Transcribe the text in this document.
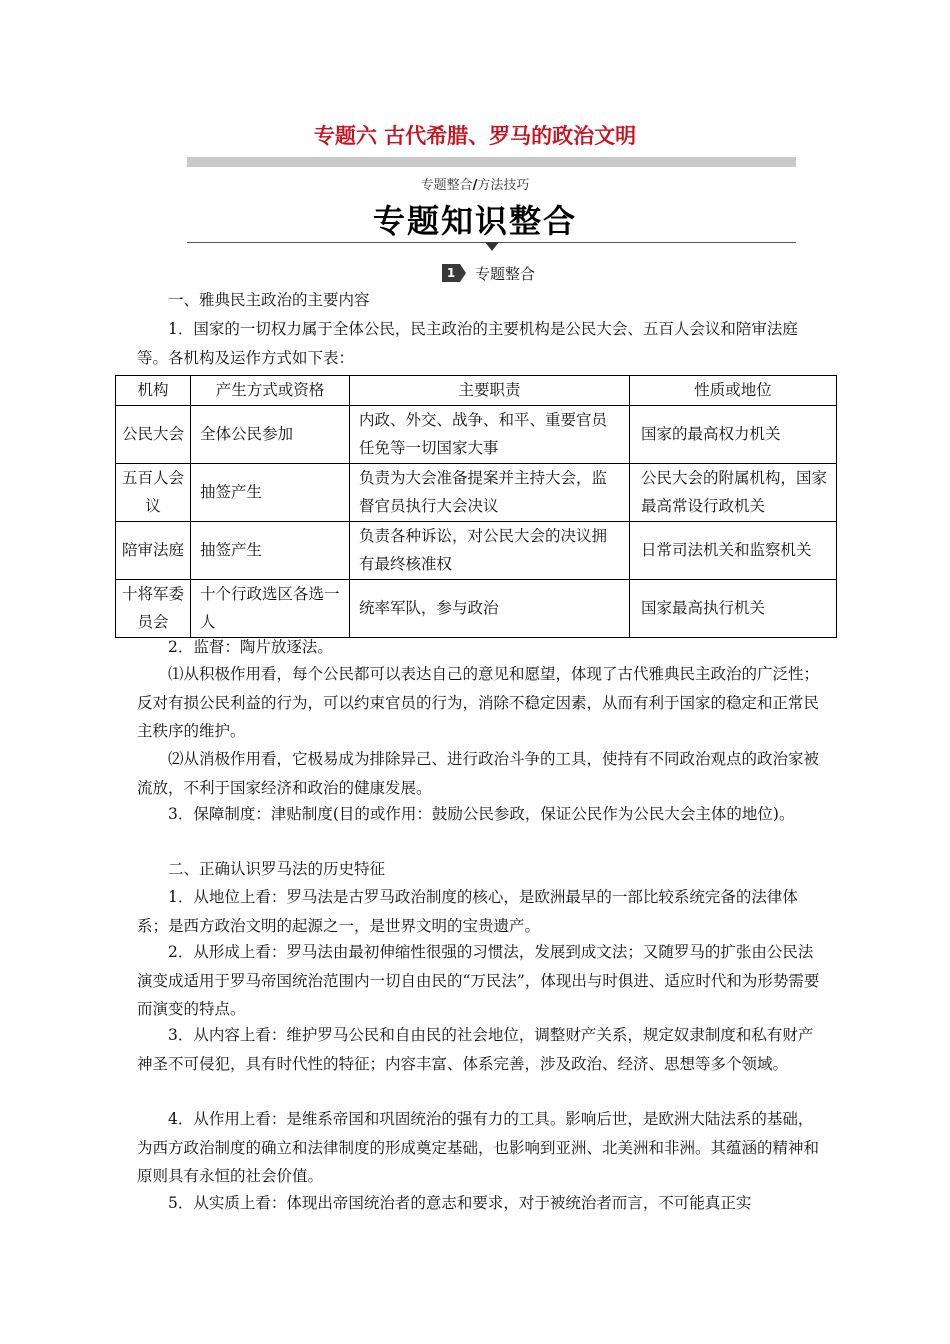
专题六 古代希腊、罗马的政治文明
专题整合/方法技巧
专题知识整合
1	专题整合

一、雅典民主政治的主要内容

1．国家的一切权力属于全体公民，民主政治的主要机构是公民大会、五百人会议和陪审法庭等。各机构及运作方式如下表：

机构	产生方式或资格	主要职责	性质或地位
公民大会	全体公民参加	内政、外交、战争、和平、重要官员任免等一切国家大事	国家的最高权力机关
五百人会议	抽签产生	负责为大会准备提案并主持大会，监督官员执行大会决议	公民大会的附属机构，国家最高常设行政机关
陪审法庭	抽签产生	负责各种诉讼，对公民大会的决议拥有最终核准权	日常司法机关和监察机关
十将军委员会	十个行政选区各选一人	统率军队，参与政治	国家最高执行机关

2．监督：陶片放逐法。

⑴从积极作用看，每个公民都可以表达自己的意见和愿望，体现了古代雅典民主政治的广泛性；反对有损公民利益的行为，可以约束官员的行为，消除不稳定因素，从而有利于国家的稳定和正常民主秩序的维护。

⑵从消极作用看，它极易成为排除异己、进行政治斗争的工具，使持有不同政治观点的政治家被流放，不利于国家经济和政治的健康发展。

3．保障制度：津贴制度(目的或作用：鼓励公民参政，保证公民作为公民大会主体的地位)。

二、正确认识罗马法的历史特征

1．从地位上看：罗马法是古罗马政治制度的核心，是欧洲最早的一部比较系统完备的法律体系；是西方政治文明的起源之一，是世界文明的宝贵遗产。

2．从形成上看：罗马法由最初伸缩性很强的习惯法，发展到成文法；又随罗马的扩张由公民法演变成适用于罗马帝国统治范围内一切自由民的“万民法”，体现出与时俱进、适应时代和为形势需要而演变的特点。

3．从内容上看：维护罗马公民和自由民的社会地位，调整财产关系，规定奴隶制度和私有财产神圣不可侵犯，具有时代性的特征；内容丰富、体系完善，涉及政治、经济、思想等多个领域。

4．从作用上看：是维系帝国和巩固统治的强有力的工具。影响后世，是欧洲大陆法系的基础，为西方政治制度的确立和法律制度的形成奠定基础，也影响到亚洲、北美洲和非洲。其蕴涵的精神和原则具有永恒的社会价值。

5．从实质上看：体现出帝国统治者的意志和要求，对于被统治者而言，不可能真正实
